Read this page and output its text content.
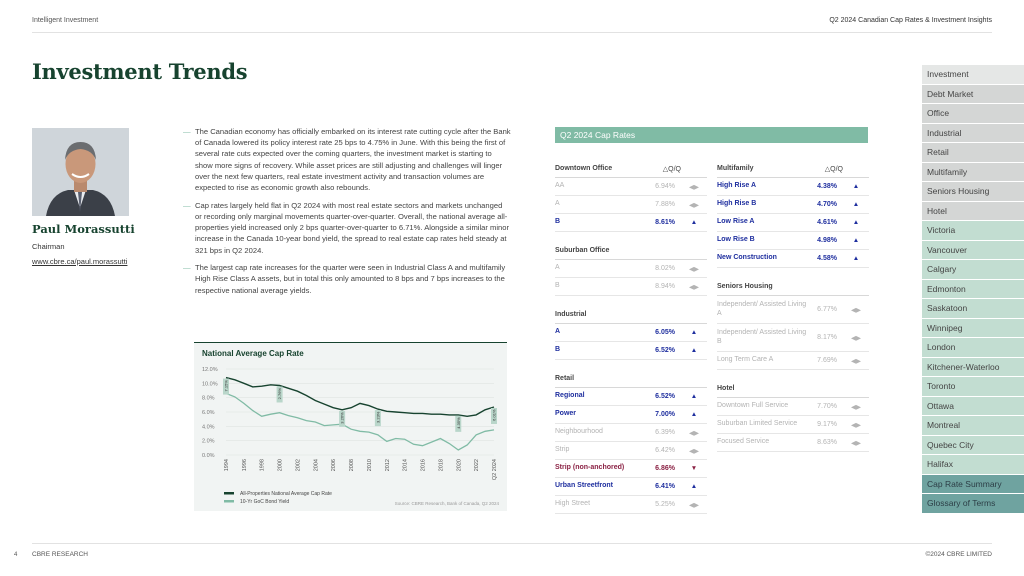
Intelligent Investment	Q2 2024 Canadian Cap Rates & Investment Insights
Investment Trends
Paul Morassutti
Chairman
www.cbre.ca/paul.morassutti
— The Canadian economy has officially embarked on its interest rate cutting cycle after the Bank of Canada lowered its policy interest rate 25 bps to 4.75% in June. With this being the first of several rate cuts expected over the coming quarters, the investment market is starting to show more signs of recovery. While asset prices are still adjusting and challenges will linger over the next few quarters, real estate investment activity and transaction volumes are expected to rise as economic growth also rebounds.
— Cap rates largely held flat in Q2 2024 with most real estate sectors and markets unchanged or recording only marginal movements quarter-over-quarter. Overall, the national average all-properties yield increased only 2 bps quarter-over-quarter to 6.71%. Alongside a similar minor increase in the Canada 10-year bond yield, the spread to real estate cap rates held steady at 321 bps in Q2 2024.
— The largest cap rate increases for the quarter were seen in Industrial Class A and multifamily High Rise Class A assets, but in total this only amounted to 8 bps and 7 bps increases to the respective national average yields.
National Average Cap Rate
12.0%
10.0%
8.0%
6.0%
4.0%
2.0%
0.0%
1994 1996 1998 2000 2002 2004 2006 2008 2010 2012 2014 2016 2018 2020 2022 Q2 2024
7.15%
2.76%
3.26%	3.23%
4.35%
6.01%
All-Properties National Average Cap Rate
10-Yr GoC Bond Yield	Source: CBRE Research, Bank of Canada, Q2 2024
Q2 2024 Cap Rates
Downtown Office	△Q/Q
AA	6.94%	◀▶
A	7.88%	◀▶
B	8.61%	▲
Suburban Office
A	8.02%	◀▶
B	8.94%	◀▶
Industrial
A	6.05%	▲
B	6.52%	▲
Retail
Regional	6.52%	▲
Power	7.00%	▲
Neighbourhood	6.39%	◀▶
Strip	6.42%	◀▶
Strip (non-anchored)	6.86%	▼
Urban Streetfront	6.41%	▲
High Street	5.25%	◀▶
Multifamily	△Q/Q
High Rise A	4.38%	▲
High Rise B	4.70%	▲
Low Rise A	4.61%	▲
Low Rise B	4.98%	▲
New Construction	4.58%	▲
Seniors Housing
Independent/ Assisted Living A	6.77%	◀▶
Independent/ Assisted Living B	8.17%	◀▶
Long Term Care A	7.69%	◀▶
Hotel
Downtown Full Service	7.70%	◀▶
Suburban Limited Service	9.17%	◀▶
Focused Service	8.63%	◀▶
Investment
Debt Market
Office
Industrial
Retail
Multifamily
Seniors Housing
Hotel
Victoria
Vancouver
Calgary
Edmonton
Saskatoon
Winnipeg
London
Kitchener-Waterloo
Toronto
Ottawa
Montreal
Quebec City
Halifax
Cap Rate Summary
Glossary of Terms
4 CBRE RESEARCH	©2024 CBRE LIMITED
